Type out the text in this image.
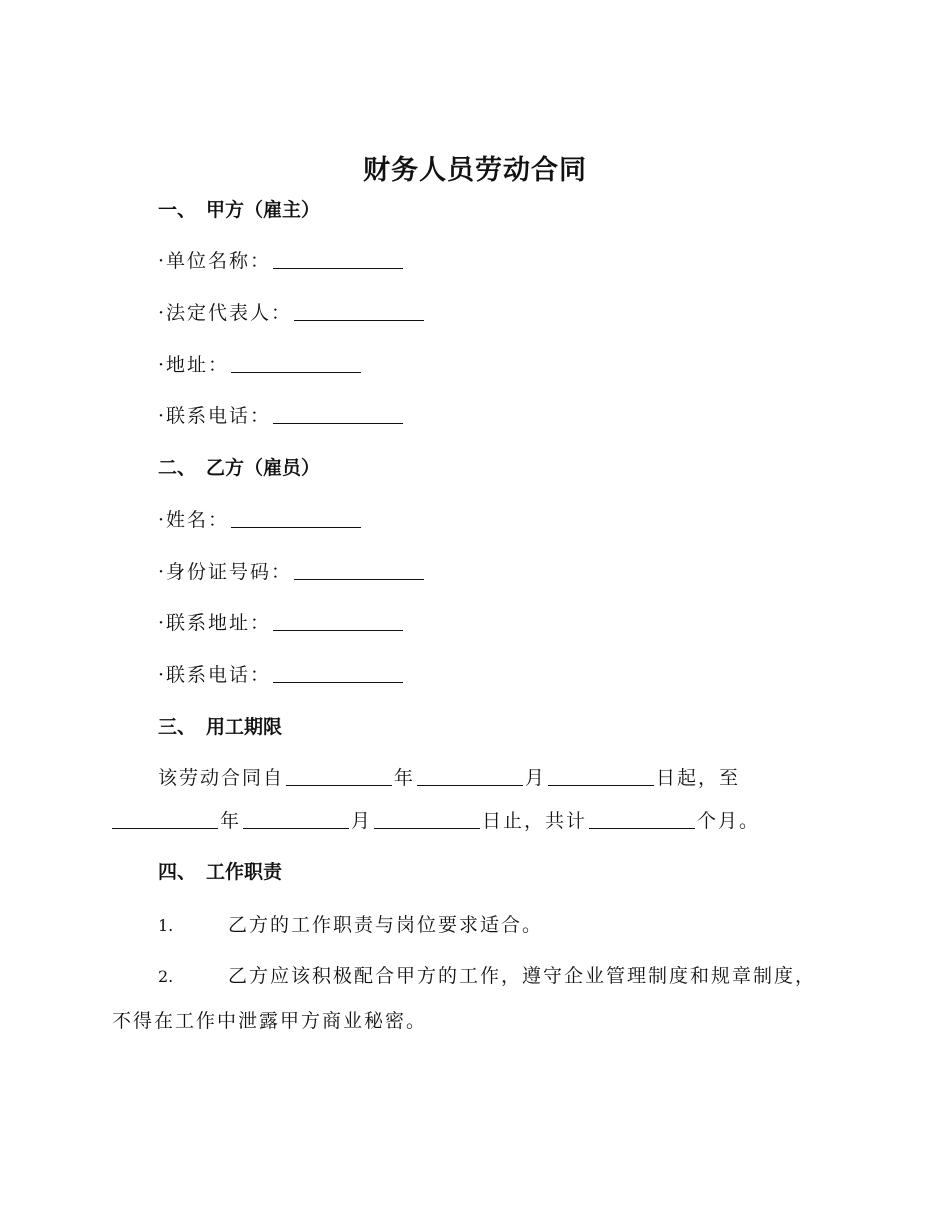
财务人员劳动合同
一、 甲方（雇主）
·单位名称：
·法定代表人：
·地址：
·联系电话：
二、 乙方（雇员）
·姓名：
·身份证号码：
·联系地址：
·联系电话：
三、 用工期限
该劳动合同自	年	月	日起，至
年	月	日止，共计	个月。
四、 工作职责
1.	乙方的工作职责与岗位要求适合。
2.	乙方应该积极配合甲方的工作，遵守企业管理制度和规章制度，
不得在工作中泄露甲方商业秘密。
